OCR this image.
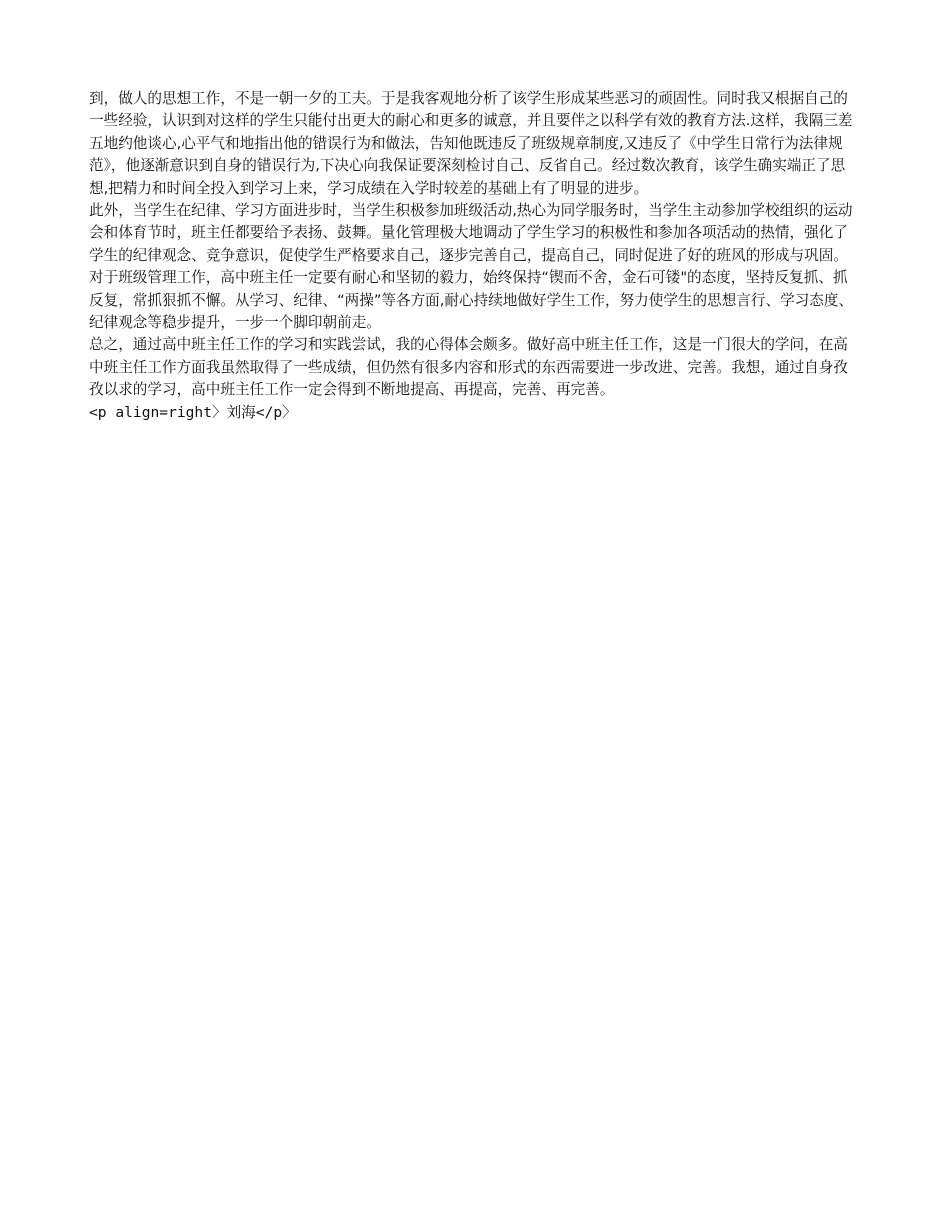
到，做人的思想工作，不是一朝一夕的工夫。于是我客观地分析了该学生形成某些恶习的顽固性。同时我又根据自己的一些经验，认识到对这样的学生只能付出更大的耐心和更多的诚意，并且要伴之以科学有效的教育方法.这样，我隔三差五地约他谈心,心平气和地指出他的错误行为和做法，告知他既违反了班级规章制度,又违反了《中学生日常行为法律规范》，他逐渐意识到自身的错误行为,下决心向我保证要深刻检讨自己、反省自己。经过数次教育，该学生确实端正了思想,把精力和时间全投入到学习上来，学习成绩在入学时较差的基础上有了明显的进步。

此外，当学生在纪律、学习方面进步时，当学生积极参加班级活动,热心为同学服务时，当学生主动参加学校组织的运动会和体育节时，班主任都要给予表扬、鼓舞。量化管理极大地调动了学生学习的积极性和参加各项活动的热情，强化了学生的纪律观念、竞争意识，促使学生严格要求自己，逐步完善自己，提高自己，同时促进了好的班风的形成与巩固。

对于班级管理工作，高中班主任一定要有耐心和坚韧的毅力，始终保持“锲而不舍，金石可镂"的态度，坚持反复抓、抓反复，常抓狠抓不懈。从学习、纪律、“两操”等各方面,耐心持续地做好学生工作，努力使学生的思想言行、学习态度、纪律观念等稳步提升，一步一个脚印朝前走。

总之，通过高中班主任工作的学习和实践尝试，我的心得体会颇多。做好高中班主任工作，这是一门很大的学问，在高中班主任工作方面我虽然取得了一些成绩，但仍然有很多内容和形式的东西需要进一步改进、完善。我想，通过自身孜孜以求的学习，高中班主任工作一定会得到不断地提高、再提高，完善、再完善。

<p align=right〉刘海</p〉
